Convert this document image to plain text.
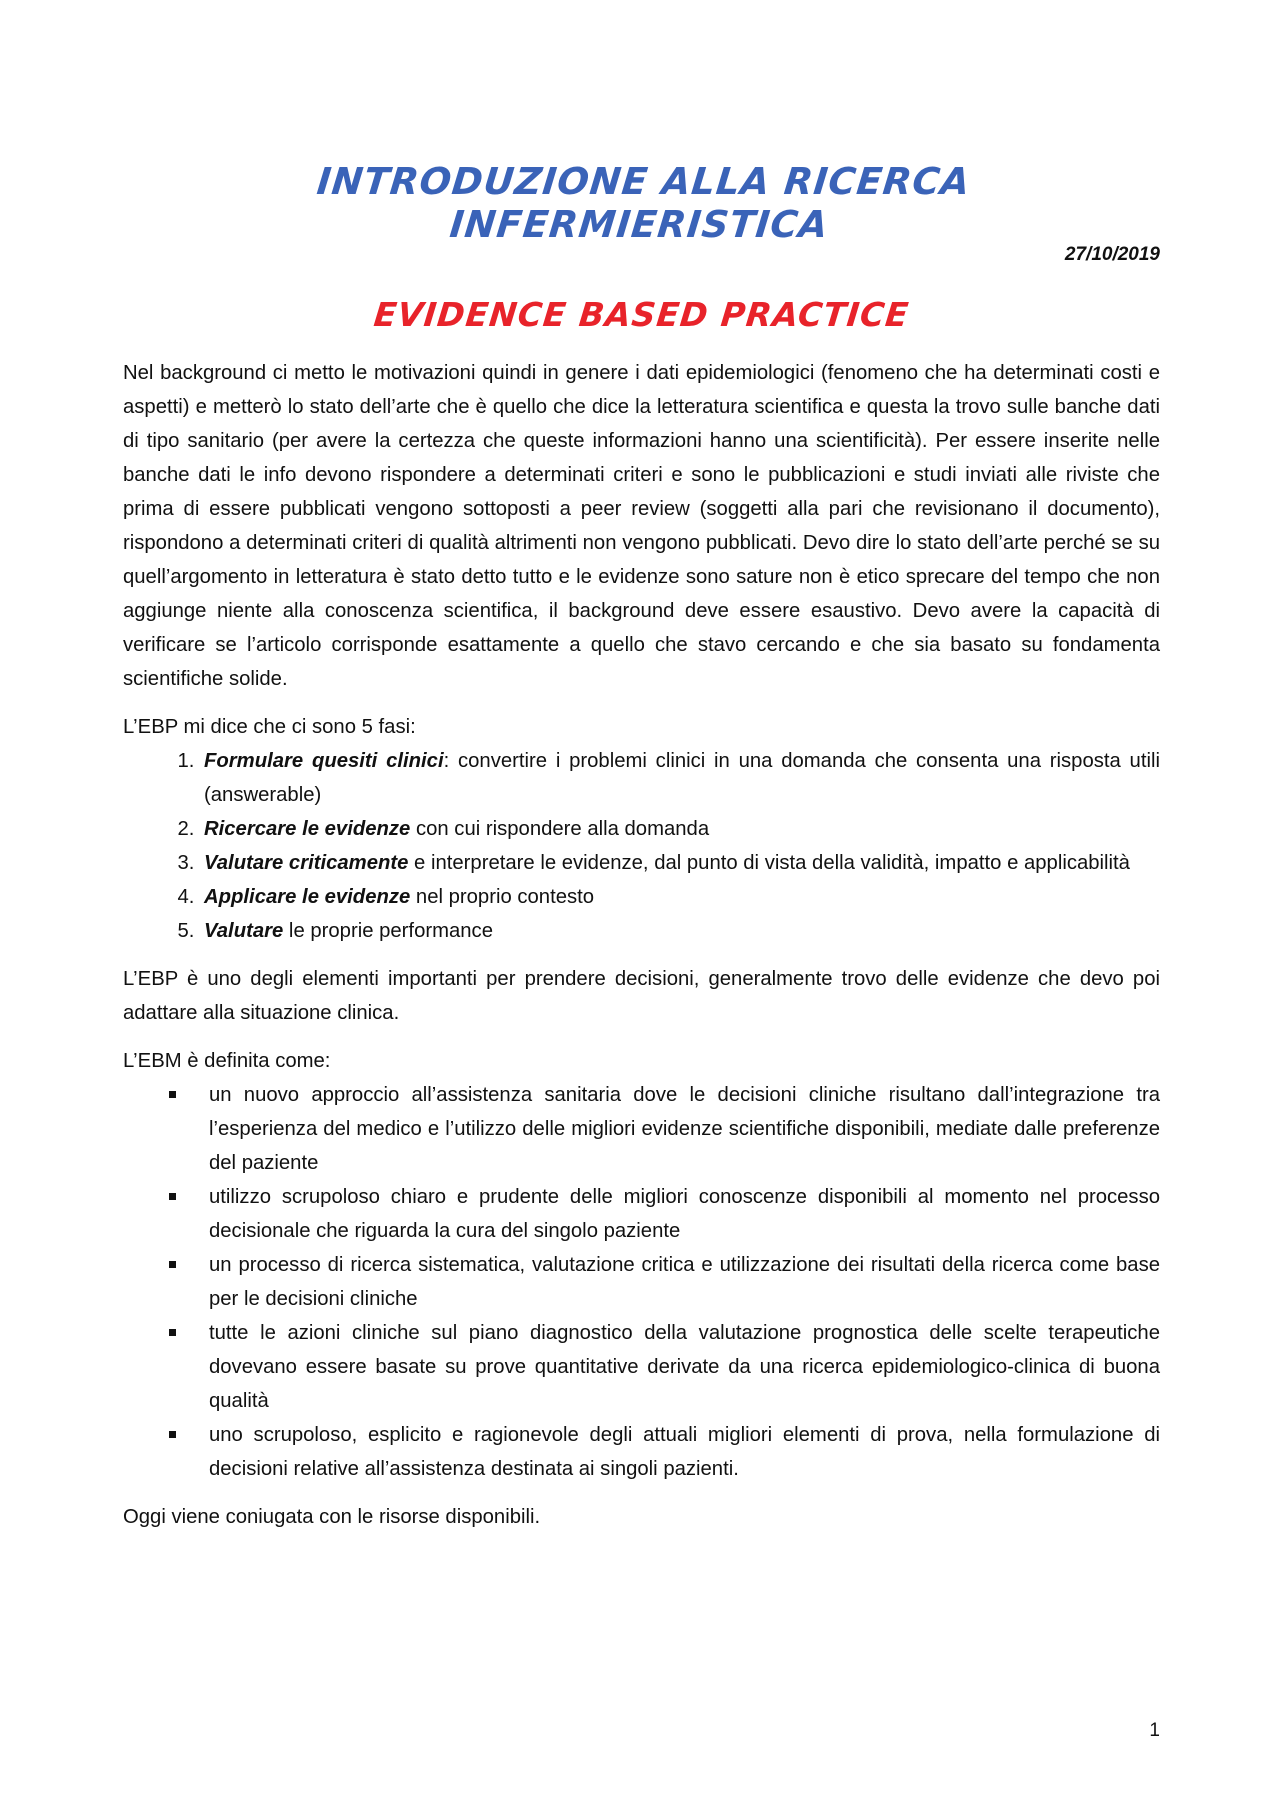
INTRODUZIONE ALLA RICERCA INFERMIERISTICA
27/10/2019
EVIDENCE BASED PRACTICE

Nel background ci metto le motivazioni quindi in genere i dati epidemiologici (fenomeno che ha determinati costi e aspetti) e metterò lo stato dell’arte che è quello che dice la letteratura scientifica e questa la trovo sulle banche dati di tipo sanitario (per avere la certezza che queste informazioni hanno una scientificità). Per essere inserite nelle banche dati le info devono rispondere a determinati criteri e sono le pubblicazioni e studi inviati alle riviste che prima di essere pubblicati vengono sottoposti a peer review (soggetti alla pari che revisionano il documento), rispondono a determinati criteri di qualità altrimenti non vengono pubblicati. Devo dire lo stato dell’arte perché se su quell’argomento in letteratura è stato detto tutto e le evidenze sono sature non è etico sprecare del tempo che non aggiunge niente alla conoscenza scientifica, il background deve essere esaustivo. Devo avere la capacità di verificare se l’articolo corrisponde esattamente a quello che stavo cercando e che sia basato su fondamenta scientifiche solide.

L’EBP mi dice che ci sono 5 fasi:

1. Formulare quesiti clinici: convertire i problemi clinici in una domanda che consenta una risposta utili (answerable)
2. Ricercare le evidenze con cui rispondere alla domanda
3. Valutare criticamente e interpretare le evidenze, dal punto di vista della validità, impatto e applicabilità
4. Applicare le evidenze nel proprio contesto
5. Valutare le proprie performance

L’EBP è uno degli elementi importanti per prendere decisioni, generalmente trovo delle evidenze che devo poi adattare alla situazione clinica.

L’EBM è definita come:

un nuovo approccio all’assistenza sanitaria dove le decisioni cliniche risultano dall’integrazione tra l’esperienza del medico e l’utilizzo delle migliori evidenze scientifiche disponibili, mediate dalle preferenze del paziente
utilizzo scrupoloso chiaro e prudente delle migliori conoscenze disponibili al momento nel processo decisionale che riguarda la cura del singolo paziente
un processo di ricerca sistematica, valutazione critica e utilizzazione dei risultati della ricerca come base per le decisioni cliniche
tutte le azioni cliniche sul piano diagnostico della valutazione prognostica delle scelte terapeutiche dovevano essere basate su prove quantitative derivate da una ricerca epidemiologico-clinica di buona qualità
uno scrupoloso, esplicito e ragionevole degli attuali migliori elementi di prova, nella formulazione di decisioni relative all’assistenza destinata ai singoli pazienti.

Oggi viene coniugata con le risorse disponibili.

1
